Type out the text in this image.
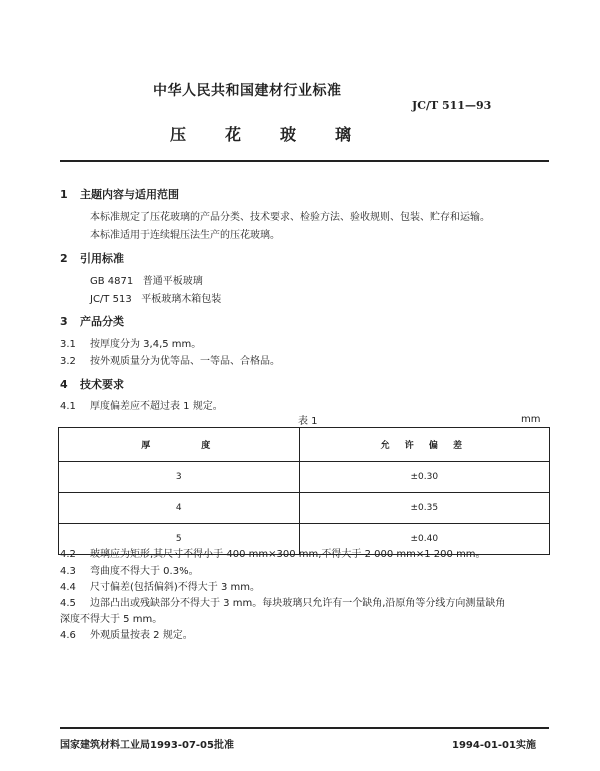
中华人民共和国建材行业标准
JC/T 511—93
压 花 玻 璃
1 主题内容与适用范围
本标准规定了压花玻璃的产品分类、技术要求、检验方法、验收规则、包装、贮存和运输。
本标准适用于连续辊压法生产的压花玻璃。
2 引用标准
GB 4871 普通平板玻璃
JC/T 513 平板玻璃木箱包装
3 产品分类
3.1 按厚度分为 3,4,5 mm。
3.2 按外观质量分为优等品、一等品、合格品。
4 技术要求
4.1 厚度偏差应不超过表 1 规定。
表 1	mm
厚　　　度	允 许 偏 差
3	±0.30
4	±0.35
5	±0.40
4.2 玻璃应为矩形,其尺寸不得小于 400 mm×300 mm,不得大于 2 000 mm×1 200 mm。
4.3 弯曲度不得大于 0.3%。
4.4 尺寸偏差(包括偏斜)不得大于 3 mm。
4.5 边部凸出或残缺部分不得大于 3 mm。每块玻璃只允许有一个缺角,沿原角等分线方向测量缺角
深度不得大于 5 mm。
4.6 外观质量按表 2 规定。
国家建筑材料工业局1993-07-05批准	1994-01-01实施
